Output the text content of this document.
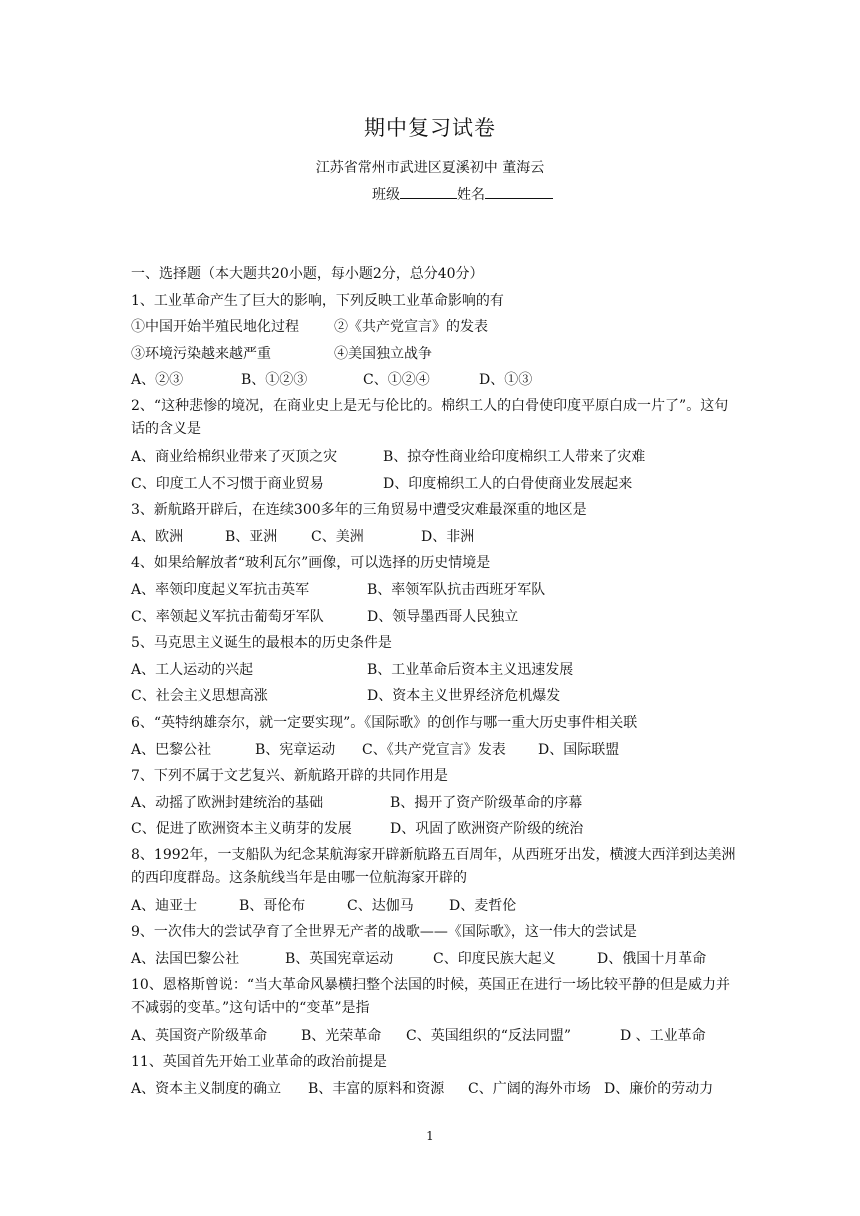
期中复习试卷
江苏省常州市武进区夏溪初中 董海云
班级	姓名
一、选择题（本大题共20小题，每小题2分，总分40分）
1、工业革命产生了巨大的影响，下列反映工业革命影响的有
①中国开始半殖民地化过程	②《共产党宣言》的发表
③环境污染越来越严重	④美国独立战争
A、②③	B、①②③	C、①②④	D、①③
2、“这种悲惨的境况，在商业史上是无与伦比的。棉织工人的白骨使印度平原白成一片了”。这句话的含义是
A、商业给棉织业带来了灭顶之灾	B、掠夺性商业给印度棉织工人带来了灾难
C、印度工人不习惯于商业贸易	D、印度棉织工人的白骨使商业发展起来
3、新航路开辟后，在连续300多年的三角贸易中遭受灾难最深重的地区是
A、欧洲	B、亚洲	C、美洲	D、非洲
4、如果给解放者“玻利瓦尔”画像，可以选择的历史情境是
A、率领印度起义军抗击英军	B、率领军队抗击西班牙军队
C、率领起义军抗击葡萄牙军队	D、领导墨西哥人民独立
5、马克思主义诞生的最根本的历史条件是
A、工人运动的兴起	B、工业革命后资本主义迅速发展
C、社会主义思想高涨	D、资本主义世界经济危机爆发
6、“英特纳雄奈尔，就一定要实现”。《国际歌》的创作与哪一重大历史事件相关联
A、巴黎公社	B、宪章运动	C、《共产党宣言》发表	D、国际联盟
7、下列不属于文艺复兴、新航路开辟的共同作用是
A、动摇了欧洲封建统治的基础	B、揭开了资产阶级革命的序幕
C、促进了欧洲资本主义萌芽的发展	D、巩固了欧洲资产阶级的统治
8、1992年，一支船队为纪念某航海家开辟新航路五百周年，从西班牙出发，横渡大西洋到达美洲的西印度群岛。这条航线当年是由哪一位航海家开辟的
A、迪亚士	B、哥伦布	C、达伽马	D、麦哲伦
9、一次伟大的尝试孕育了全世界无产者的战歌——《国际歌》，这一伟大的尝试是
A、法国巴黎公社	B、英国宪章运动	C、印度民族大起义	D、俄国十月革命
10、恩格斯曾说：“当大革命风暴横扫整个法国的时候，英国正在进行一场比较平静的但是威力并不减弱的变革。”这句话中的“变革”是指
A、英国资产阶级革命	B、光荣革命	C、英国组织的“反法同盟”	D 、工业革命
11、英国首先开始工业革命的政治前提是
A、资本主义制度的确立	B、丰富的原料和资源	C、广阔的海外市场 D、廉价的劳动力
1
